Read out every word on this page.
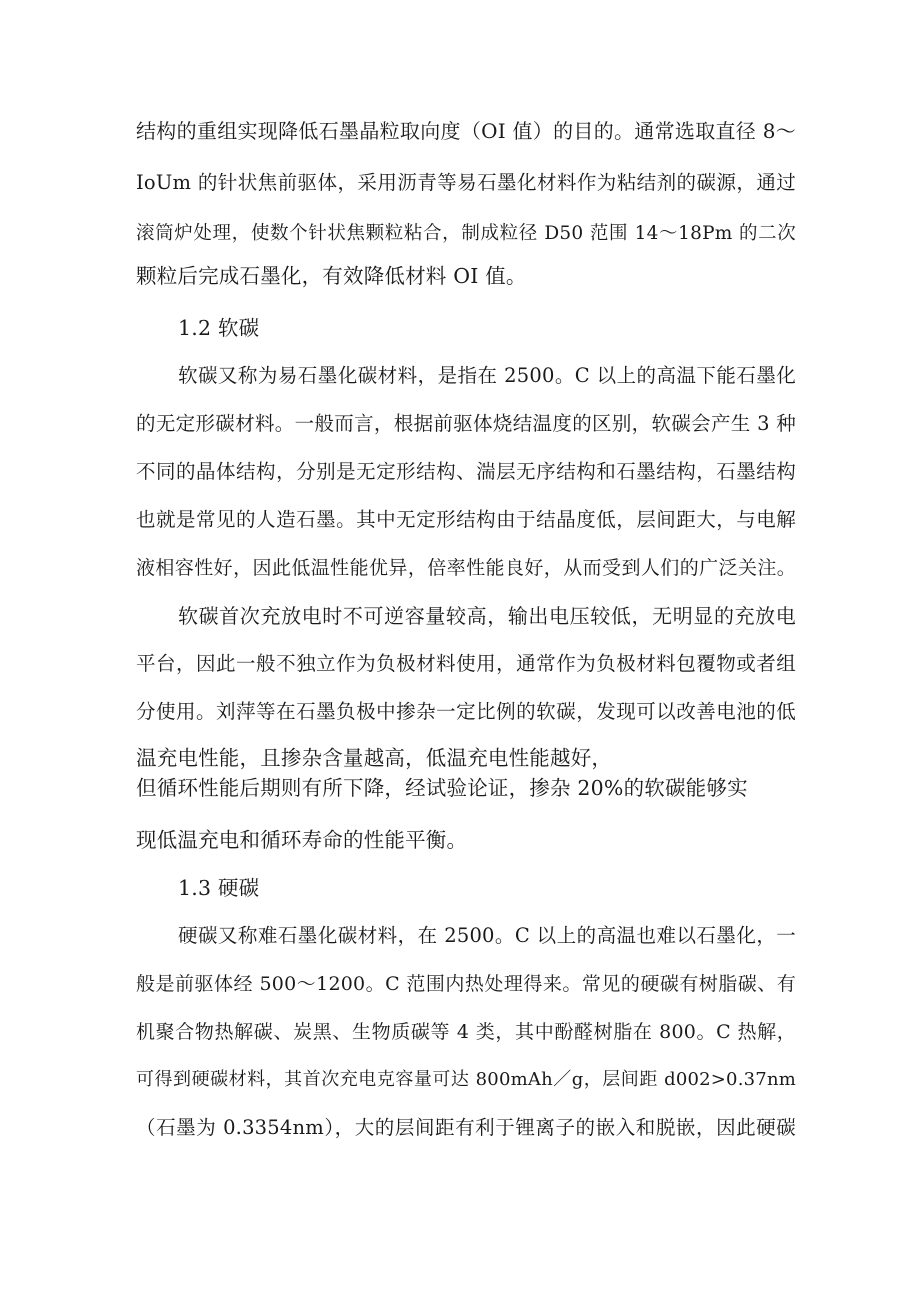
结构的重组实现降低石墨晶粒取向度（OI 值）的目的。通常选取直径 8～
IoUm 的针状焦前驱体，采用沥青等易石墨化材料作为粘结剂的碳源，通过
滚筒炉处理，使数个针状焦颗粒粘合，制成粒径 D50 范围 14～18Pm 的二次
颗粒后完成石墨化，有效降低材料 OI 值。
1.2 软碳
软碳又称为易石墨化碳材料，是指在 2500。C 以上的高温下能石墨化
的无定形碳材料。一般而言，根据前驱体烧结温度的区别，软碳会产生 3 种
不同的晶体结构，分别是无定形结构、湍层无序结构和石墨结构，石墨结构
也就是常见的人造石墨。其中无定形结构由于结晶度低，层间距大，与电解
液相容性好，因此低温性能优异，倍率性能良好，从而受到人们的广泛关注。
软碳首次充放电时不可逆容量较高，输出电压较低，无明显的充放电
平台，因此一般不独立作为负极材料使用，通常作为负极材料包覆物或者组
分使用。刘萍等在石墨负极中掺杂一定比例的软碳，发现可以改善电池的低
温充电性能，且掺杂含量越高，低温充电性能越好，
但循环性能后期则有所下降，经试验论证，掺杂 20%的软碳能够实
现低温充电和循环寿命的性能平衡。
1.3 硬碳
硬碳又称难石墨化碳材料，在 2500。C 以上的高温也难以石墨化，一
般是前驱体经 500～1200。C 范围内热处理得来。常见的硬碳有树脂碳、有
机聚合物热解碳、炭黑、生物质碳等 4 类，其中酚醛树脂在 800。C 热解，
可得到硬碳材料，其首次充电克容量可达 800mAh／g，层间距 d002>0.37nm
（石墨为 0.3354nm），大的层间距有利于锂离子的嵌入和脱嵌，因此硬碳
